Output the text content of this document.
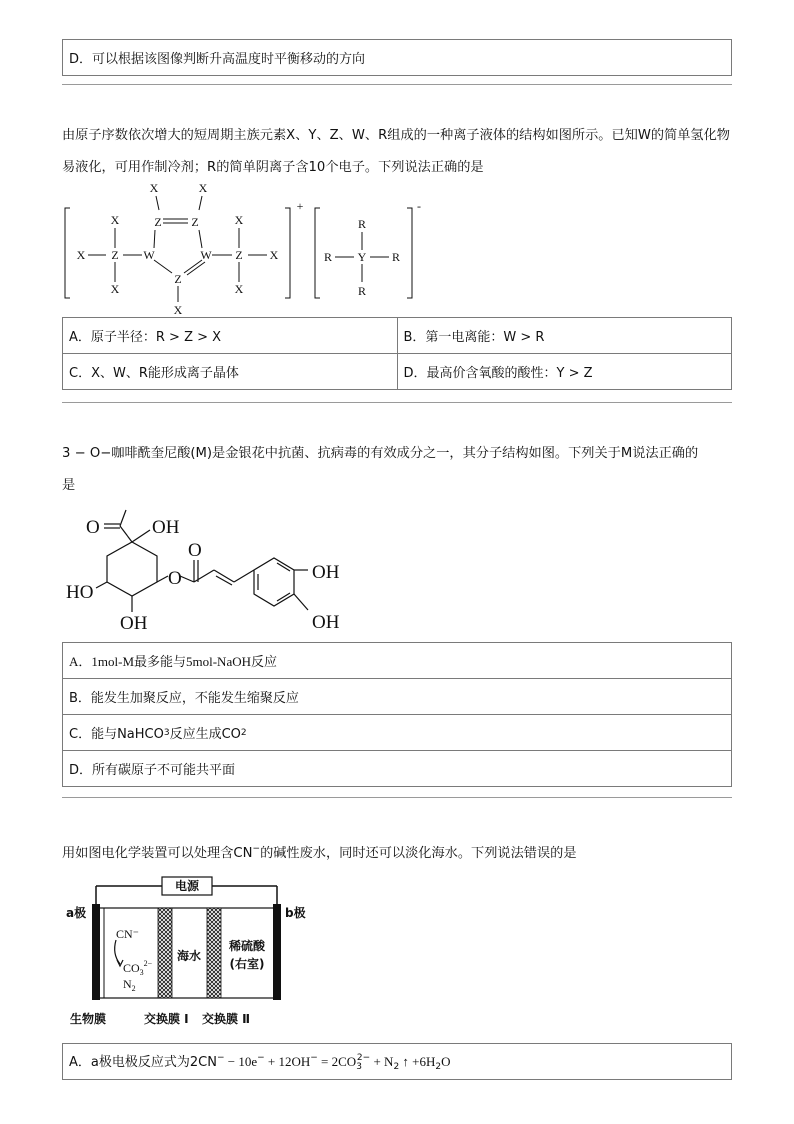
D．可以根据该图像判断升高温度时平衡移动的方向
由原子序数依次增大的短周期主族元素X、Y、Z、W、R组成的一种离子液体的结构如图所示。已知W的简单氢化物易液化，可用作制冷剂；R的简单阴离子含10个电子。下列说法正确的是
X
X
Z
X
W
X	X
Z Z
W
Z
X
X
Z
X
X
+
R
R Y R
R
-
A．原子半径：R > Z > X	B．第一电离能：W > R
C．X、W、R能形成离子晶体	D．最高价含氧酸的酸性：Y > Z
3 − O−咖啡酰奎尼酸(M)是金银花中抗菌、抗病毒的有效成分之一，其分子结构如图。下列关于M说法正确的
是
O	OH
HO
OH
O
O
OH
OH
A．1mol-M最多能与5mol-NaOH反应
B．能发生加聚反应，不能发生缩聚反应
C．能与NaHCO 3 反应生成CO 2
D．所有碳原子不可能共平面
用如图电化学装置可以处理含CN−的碱性废水，同时还可以淡化海水。下列说法错误的是
电源
a极	b极
海水
稀硫酸
(右室)
生物膜	交换膜 Ⅰ 交换膜 Ⅱ
CN⁻
$CO_3^{2-}$
$N_2$
A．a极电极反应式为$2CN^- - 10e^- + 12OH^- = 2CO_3^{2-} + N_2$ ↑ $+6H_2O$
